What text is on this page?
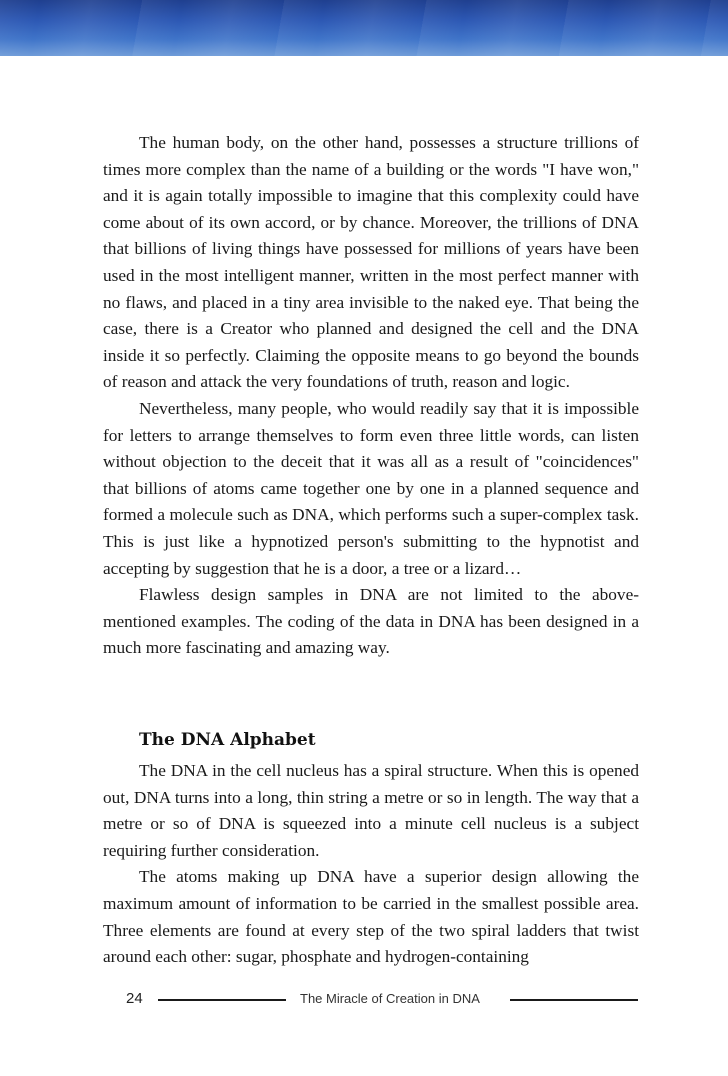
The human body, on the other hand, possesses a structure trillions of times more complex than the name of a building or the words "I have won," and it is again totally impossible to imagine that this complexity could have come about of its own accord, or by chance. Moreover, the trillions of DNA that billions of living things have possessed for millions of years have been used in the most intelligent manner, written in the most perfect manner with no flaws, and placed in a tiny area invisible to the naked eye. That being the case, there is a Creator who planned and designed the cell and the DNA inside it so perfectly. Claiming the opposite means to go beyond the bounds of reason and attack the very foundations of truth, reason and logic.

Nevertheless, many people, who would readily say that it is impossible for letters to arrange themselves to form even three little words, can listen without objection to the deceit that it was all as a result of "coincidences" that billions of atoms came together one by one in a planned sequence and formed a molecule such as DNA, which performs such a super-complex task. This is just like a hypnotized person's submitting to the hypnotist and accepting by suggestion that he is a door, a tree or a lizard…

Flawless design samples in DNA are not limited to the above-mentioned examples. The coding of the data in DNA has been designed in a much more fascinating and amazing way.

The DNA Alphabet

The DNA in the cell nucleus has a spiral structure. When this is opened out, DNA turns into a long, thin string a metre or so in length. The way that a metre or so of DNA is squeezed into a minute cell nucleus is a subject requiring further consideration.

The atoms making up DNA have a superior design allowing the maximum amount of information to be carried in the smallest possible area. Three elements are found at every step of the two spiral ladders that twist around each other: sugar, phosphate and hydrogen-containing

24	The Miracle of Creation in DNA
